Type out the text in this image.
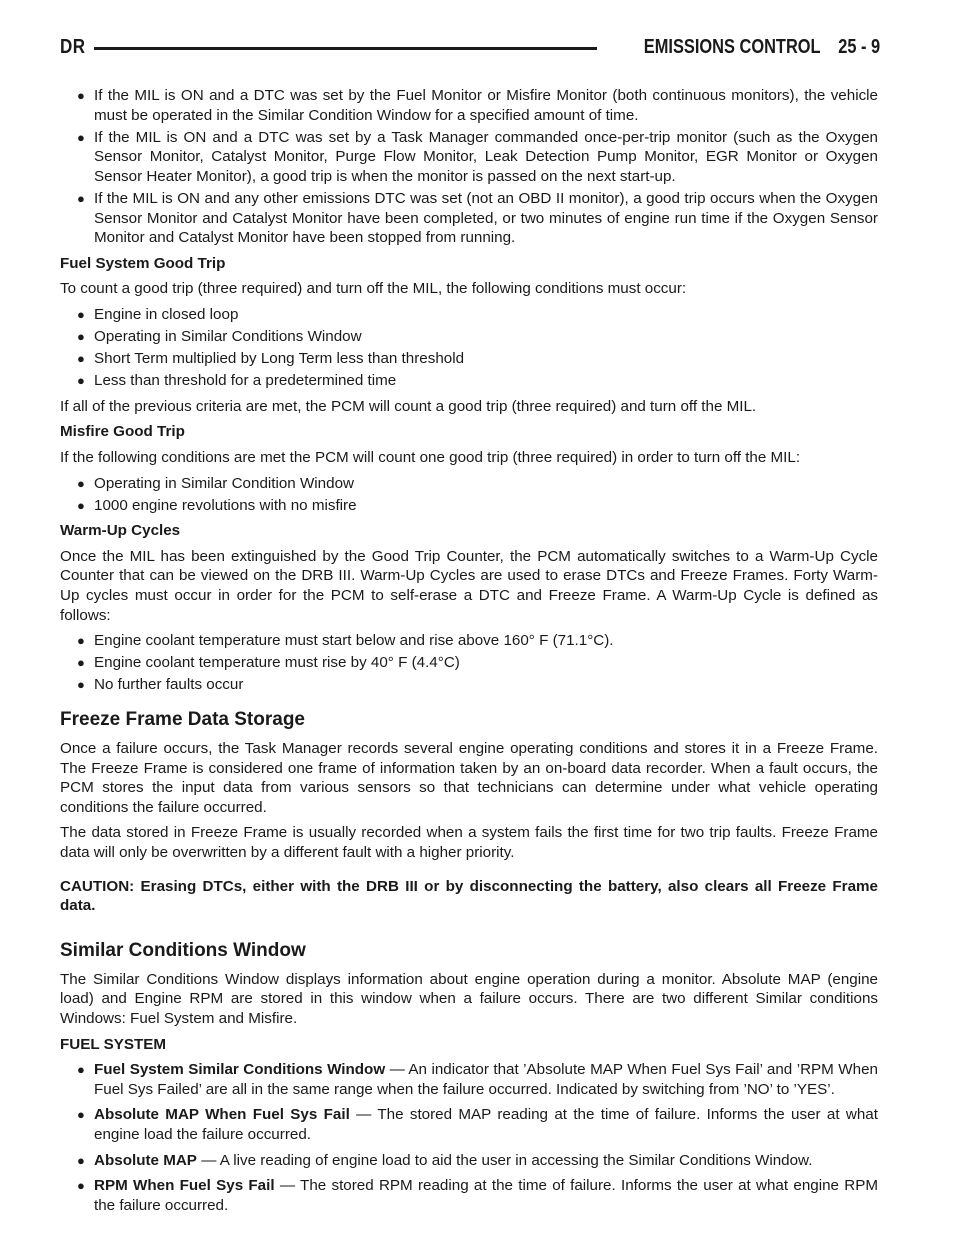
DR	EMISSIONS CONTROL 25 - 9
● If the MIL is ON and a DTC was set by the Fuel Monitor or Misfire Monitor (both continuous monitors), the vehicle must be operated in the Similar Condition Window for a specified amount of time.
● If the MIL is ON and a DTC was set by a Task Manager commanded once-per-trip monitor (such as the Oxygen Sensor Monitor, Catalyst Monitor, Purge Flow Monitor, Leak Detection Pump Monitor, EGR Monitor or Oxygen Sensor Heater Monitor), a good trip is when the monitor is passed on the next start-up.
● If the MIL is ON and any other emissions DTC was set (not an OBD II monitor), a good trip occurs when the Oxygen Sensor Monitor and Catalyst Monitor have been completed, or two minutes of engine run time if the Oxygen Sensor Monitor and Catalyst Monitor have been stopped from running.

Fuel System Good Trip

To count a good trip (three required) and turn off the MIL, the following conditions must occur:

● Engine in closed loop
● Operating in Similar Conditions Window
● Short Term multiplied by Long Term less than threshold
● Less than threshold for a predetermined time

If all of the previous criteria are met, the PCM will count a good trip (three required) and turn off the MIL.

Misfire Good Trip

If the following conditions are met the PCM will count one good trip (three required) in order to turn off the MIL:

● Operating in Similar Condition Window
● 1000 engine revolutions with no misfire

Warm-Up Cycles

Once the MIL has been extinguished by the Good Trip Counter, the PCM automatically switches to a Warm-Up Cycle Counter that can be viewed on the DRB III. Warm-Up Cycles are used to erase DTCs and Freeze Frames. Forty Warm-Up cycles must occur in order for the PCM to self-erase a DTC and Freeze Frame. A Warm-Up Cycle is defined as follows:

● Engine coolant temperature must start below and rise above 160° F (71.1°C).
● Engine coolant temperature must rise by 40° F (4.4°C)
● No further faults occur
Freeze Frame Data Storage

Once a failure occurs, the Task Manager records several engine operating conditions and stores it in a Freeze Frame. The Freeze Frame is considered one frame of information taken by an on-board data recorder. When a fault occurs, the PCM stores the input data from various sensors so that technicians can determine under what vehicle operating conditions the failure occurred.

The data stored in Freeze Frame is usually recorded when a system fails the first time for two trip faults. Freeze Frame data will only be overwritten by a different fault with a higher priority.

CAUTION: Erasing DTCs, either with the DRB III or by disconnecting the battery, also clears all Freeze Frame data.

Similar Conditions Window

The Similar Conditions Window displays information about engine operation during a monitor. Absolute MAP (engine load) and Engine RPM are stored in this window when a failure occurs. There are two different Similar conditions Windows: Fuel System and Misfire.

FUEL SYSTEM

● Fuel System Similar Conditions Window — An indicator that ’Absolute MAP When Fuel Sys Fail’ and ’RPM When Fuel Sys Failed’ are all in the same range when the failure occurred. Indicated by switching from ’NO’ to ’YES’.
● Absolute MAP When Fuel Sys Fail — The stored MAP reading at the time of failure. Informs the user at what engine load the failure occurred.
● Absolute MAP — A live reading of engine load to aid the user in accessing the Similar Conditions Window.
● RPM When Fuel Sys Fail — The stored RPM reading at the time of failure. Informs the user at what engine RPM the failure occurred.
